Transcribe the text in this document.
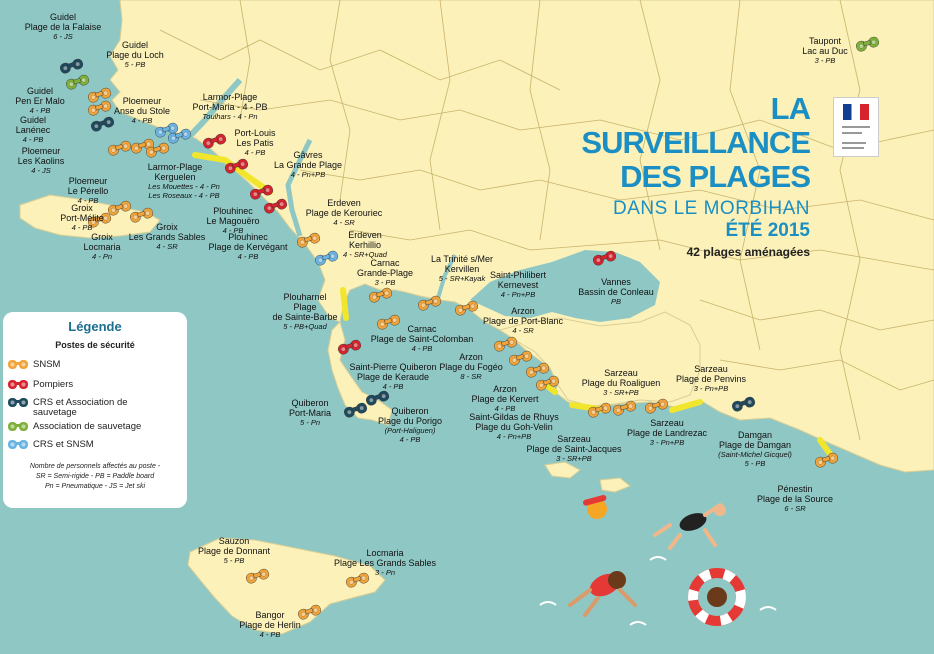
LA SURVEILLANCE
DES PLAGES
DANS LE MORBIHAN
ÉTÉ 2015
42 plages aménagées
Guidel
Plage de la Falaise
6 - JS
Guidel
Plage du Loch
5 - PB
Guidel
Pen Er Malo
4 - PB
Ploemeur
Anse du Stole
4 - PB
Guidel
Lanénec
4 - PB
Larmor-Plage
Port-Maria - 4 - PB
Toulhars - 4 - Pn
Port-Louis
Les Patis
4 - PB
Ploemeur
Les Kaolins
4 - JS	Larmor-Plage
Kerguelen
Les Mouettes - 4 - Pn
Les Roseaux - 4 - PB
Gâvres
La Grande Plage
4 - Pn+PB
Ploemeur
Le Pérello
4 - PB
Groix
Port-Mélite
4 - PB
Groix
Locmaria
4 - Pn
Groix
Les Grands Sables
4 - SR
Plouhinec
Le Magouëro
4 - PB
Plouhinec
Plage de Kervégant
4 - PB
Erdeven
Plage de Kerouriec
4 - SR
Erdeven
Kerhillio
4 - SR+Quad
Carnac
Grande-Plage
3 - PB
La Trinité s/Mer
Kervillen
5 - SR+Kayak Saint-Philibert
Kernevest
4 - Pn+PB
Vannes
Bassin de Conleau
PB
Plouharnel
Plage
de Sainte-Barbe
5 - PB+Quad	Carnac
Plage de Saint-Colomban
4 - PB
Arzon
Plage de Port-Blanc
4 - SR
Arzon
Plage du Fogéo
8 - SR
Saint-Pierre Quiberon
Plage de Keraude
4 - PB	Arzon
Plage de Kervert
4 - PB
Sarzeau
Plage du Roaliguen
3 - SR+PB
Sarzeau
Plage de Penvins
3 - Pn+PB
Quiberon
Port-Maria
5 - Pn
Quiberon
Plage du Porigo
(Port-Haliguen)
4 - PB
Saint-Gildas de Rhuys
Plage du Goh-Velin
4 - Pn+PB
Sarzeau
Plage de Landrezac
3 - Pn+PB
Sarzeau
Plage de Saint-Jacques
3 - SR+PB
Damgan
Plage de Damgan
(Saint-Michel Gicquel)
5 - PB
Pénestin
Plage de la Source
6 - SR
Taupont
Lac au Duc
3 - PB
Sauzon
Plage de Donnant
5 - PB
Locmaria
Plage Les Grands Sables
3 - Pn
Bangor
Plage de Herlin
4 - PB
Légende
Postes de sécurité
SNSM
Pompiers
CRS et Association de sauvetage
Association de sauvetage
CRS et SNSM
Nombre de personnels affectés au poste -
SR = Semi-rigide - PB = Paddle board
Pn = Pneumatique - JS = Jet ski
